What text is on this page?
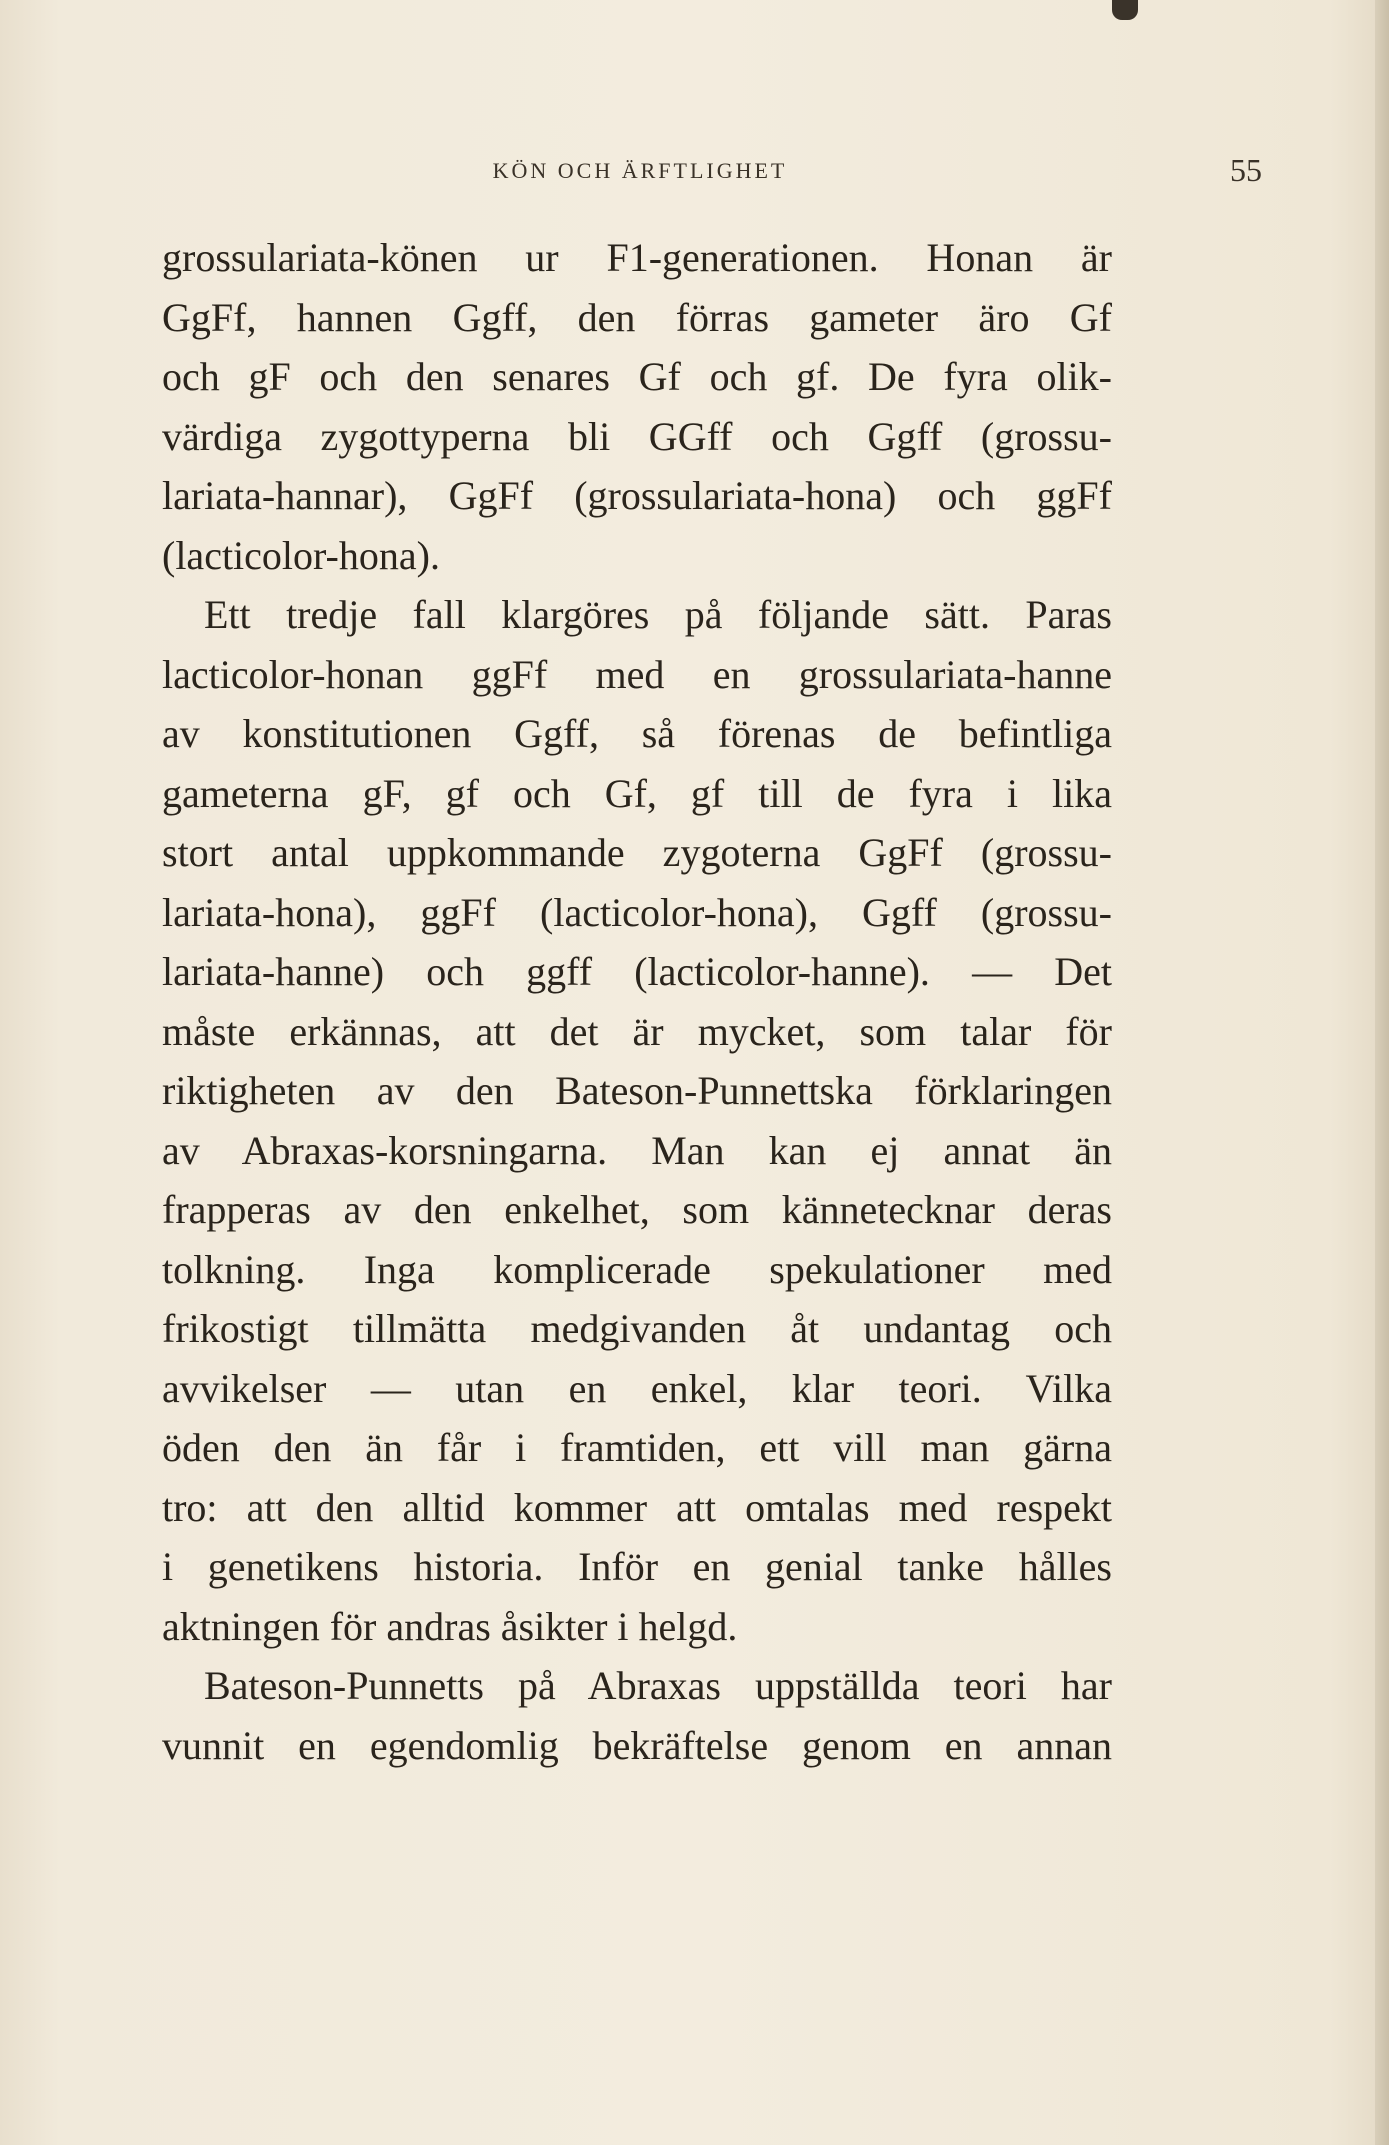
KÖN OCH ÄRFTLIGHET	55
grossulariata-könen ur F1-generationen. Honan är
GgFf, hannen Ggff, den förras gameter äro Gf
och gF och den senares Gf och gf. De fyra olik-
värdiga zygottyperna bli GGff och Ggff (grossu-
lariata-hannar), GgFf (grossulariata-hona) och ggFf
(lacticolor-hona).
Ett tredje fall klargöres på följande sätt. Paras
lacticolor-honan ggFf med en grossulariata-hanne
av konstitutionen Ggff, så förenas de befintliga
gameterna gF, gf och Gf, gf till de fyra i lika
stort antal uppkommande zygoterna GgFf (grossu-
lariata-hona), ggFf (lacticolor-hona), Ggff (grossu-
lariata-hanne) och ggff (lacticolor-hanne). — Det
måste erkännas, att det är mycket, som talar för
riktigheten av den Bateson-Punnettska förklaringen
av Abraxas-korsningarna. Man kan ej annat än
frapperas av den enkelhet, som kännetecknar deras
tolkning. Inga komplicerade spekulationer med
frikostigt tillmätta medgivanden åt undantag och
avvikelser — utan en enkel, klar teori. Vilka
öden den än får i framtiden, ett vill man gärna
tro: att den alltid kommer att omtalas med respekt
i genetikens historia. Inför en genial tanke hålles
aktningen för andras åsikter i helgd.
Bateson-Punnetts på Abraxas uppställda teori har
vunnit en egendomlig bekräftelse genom en annan
